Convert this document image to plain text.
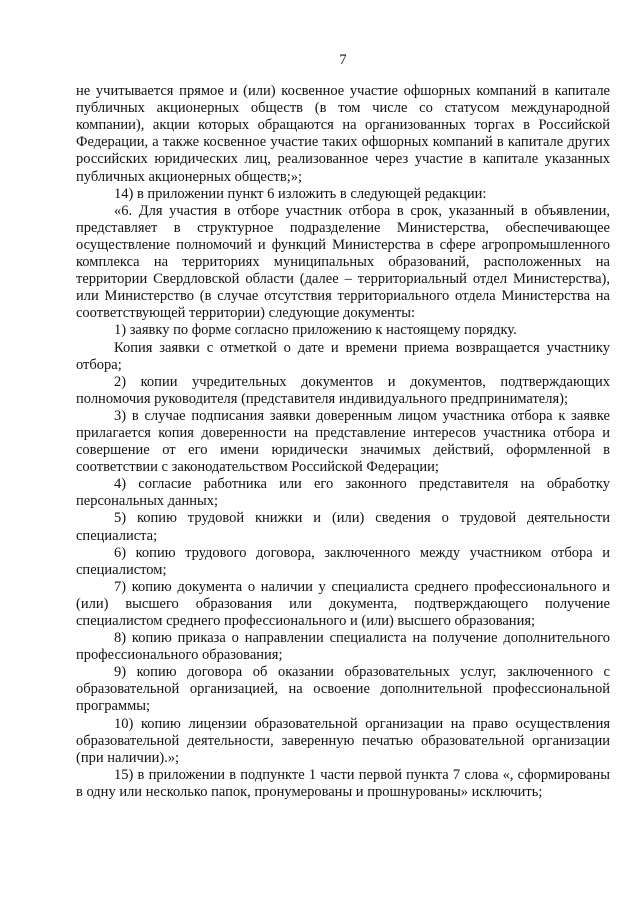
7

не учитывается прямое и (или) косвенное участие офшорных компаний в капитале публичных акционерных обществ (в том числе со статусом международной компании), акции которых обращаются на организованных торгах в Российской Федерации, а также косвенное участие таких офшорных компаний в капитале других российских юридических лиц, реализованное через участие в капитале указанных публичных акционерных обществ;»;

14) в приложении пункт 6 изложить в следующей редакции:

«6. Для участия в отборе участник отбора в срок, указанный в объявлении, представляет в структурное подразделение Министерства, обеспечивающее осуществление полномочий и функций Министерства в сфере агропромышленного комплекса на территориях муниципальных образований, расположенных на территории Свердловской области (далее – территориальный отдел Министерства), или Министерство (в случае отсутствия территориального отдела Министерства на соответствующей территории) следующие документы:

1) заявку по форме согласно приложению к настоящему порядку.

Копия заявки с отметкой о дате и времени приема возвращается участнику отбора;

2) копии учредительных документов и документов, подтверждающих полномочия руководителя (представителя индивидуального предпринимателя);

3) в случае подписания заявки доверенным лицом участника отбора к заявке прилагается копия доверенности на представление интересов участника отбора и совершение от его имени юридически значимых действий, оформленной в соответствии с законодательством Российской Федерации;

4) согласие работника или его законного представителя на обработку персональных данных;

5) копию трудовой книжки и (или) сведения о трудовой деятельности специалиста;

6) копию трудового договора, заключенного между участником отбора и специалистом;

7) копию документа о наличии у специалиста среднего профессионального и (или) высшего образования или документа, подтверждающего получение специалистом среднего профессионального и (или) высшего образования;

8) копию приказа о направлении специалиста на получение дополнительного профессионального образования;

9) копию договора об оказании образовательных услуг, заключенного с образовательной организацией, на освоение дополнительной профессиональной программы;

10) копию лицензии образовательной организации на право осуществления образовательной деятельности, заверенную печатью образовательной организации (при наличии).»;

15) в приложении в подпункте 1 части первой пункта 7 слова «, сформированы в одну или несколько папок, пронумерованы и прошнурованы» исключить;
